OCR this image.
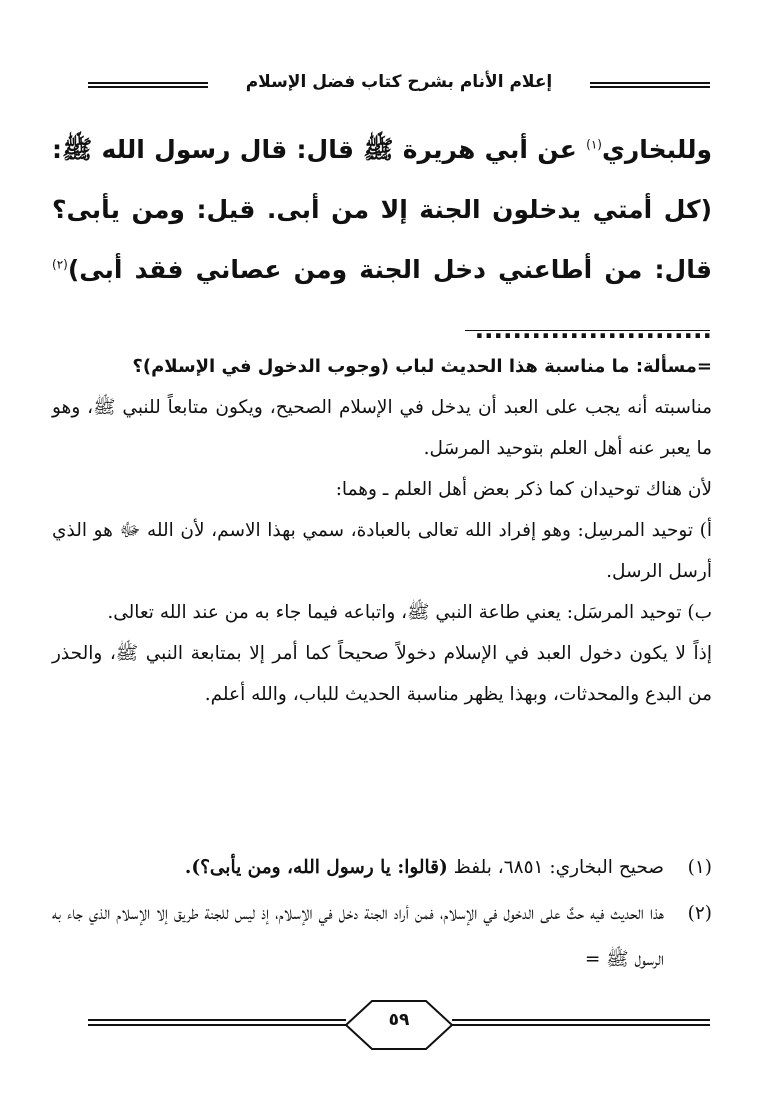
إعلام الأنام بشرح كتاب فضل الإسلام

وللبخاري$^{(١)}$ عن أبي هريرة ﷺ قال: قال رسول الله ﷺ: (كل أمتي يدخلون الجنة إلا من أبى. قيل: ومن يأبى؟ قال: من أطاعني دخل الجنة ومن عصاني فقد أبى)$^{(٢)}$ .........................

=مسألة: ما مناسبة هذا الحديث لباب (وجوب الدخول في الإسلام)؟

مناسبته أنه يجب على العبد أن يدخل في الإسلام الصحيح، ويكون متابعاً للنبي ﷺ، وهو ما يعبر عنه أهل العلم بتوحيد المرسَل.

لأن هناك توحيدان كما ذكر بعض أهل العلم ـ وهما:

أ) توحيد المرسِل: وهو إفراد الله تعالى بالعبادة، سمي بهذا الاسم، لأن الله ﷻ هو الذي أرسل الرسل.

ب) توحيد المرسَل: يعني طاعة النبي ﷺ، واتباعه فيما جاء به من عند الله تعالى.

إذاً لا يكون دخول العبد في الإسلام دخولاً صحيحاً كما أمر إلا بمتابعة النبي ﷺ، والحذر من البدع والمحدثات، وبهذا يظهر مناسبة الحديث للباب، والله أعلم.

(١)
صحيح البخاري: ٦٨٥١، بلفظ (قالوا: يا رسول الله، ومن يأبى؟).
(٢)
هذا الحديث فيه حثٌ على الدخول في الإسلام، فمن أراد الجنة دخل في الإسلام، إذ ليس للجنة طريق إلا الإسلام الذي جاء به الرسول ﷺ =
٥٩
